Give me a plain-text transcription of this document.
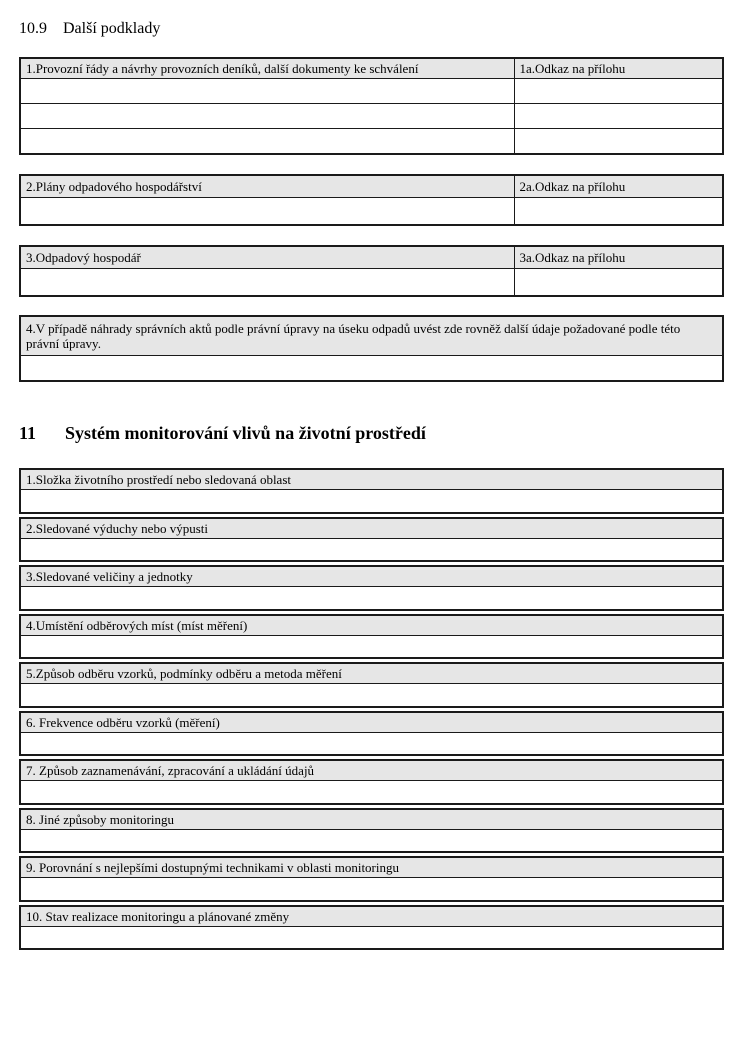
10.9 Další podklady
1.Provozní řády a návrhy provozních deníků, další dokumenty ke schválení	1a.Odkaz na přílohu

2.Plány odpadového hospodářství	2a.Odkaz na přílohu

3.Odpadový hospodář	3a.Odkaz na přílohu

4.V případě náhrady správních aktů podle právní úpravy na úseku odpadů uvést zde rovněž další údaje požadované podle této právní úpravy.

11 Systém monitorování vlivů na životní prostředí
1.Složka životního prostředí nebo sledovaná oblast

2.Sledované výduchy nebo výpusti

3.Sledované veličiny a jednotky

4.Umístění odběrových míst (míst měření)

5.Způsob odběru vzorků, podmínky odběru a metoda měření

6. Frekvence odběru vzorků (měření)

7. Způsob zaznamenávání, zpracování a ukládání údajů

8. Jiné způsoby monitoringu

9. Porovnání s nejlepšími dostupnými technikami v oblasti monitoringu

10. Stav realizace monitoringu a plánované změny
